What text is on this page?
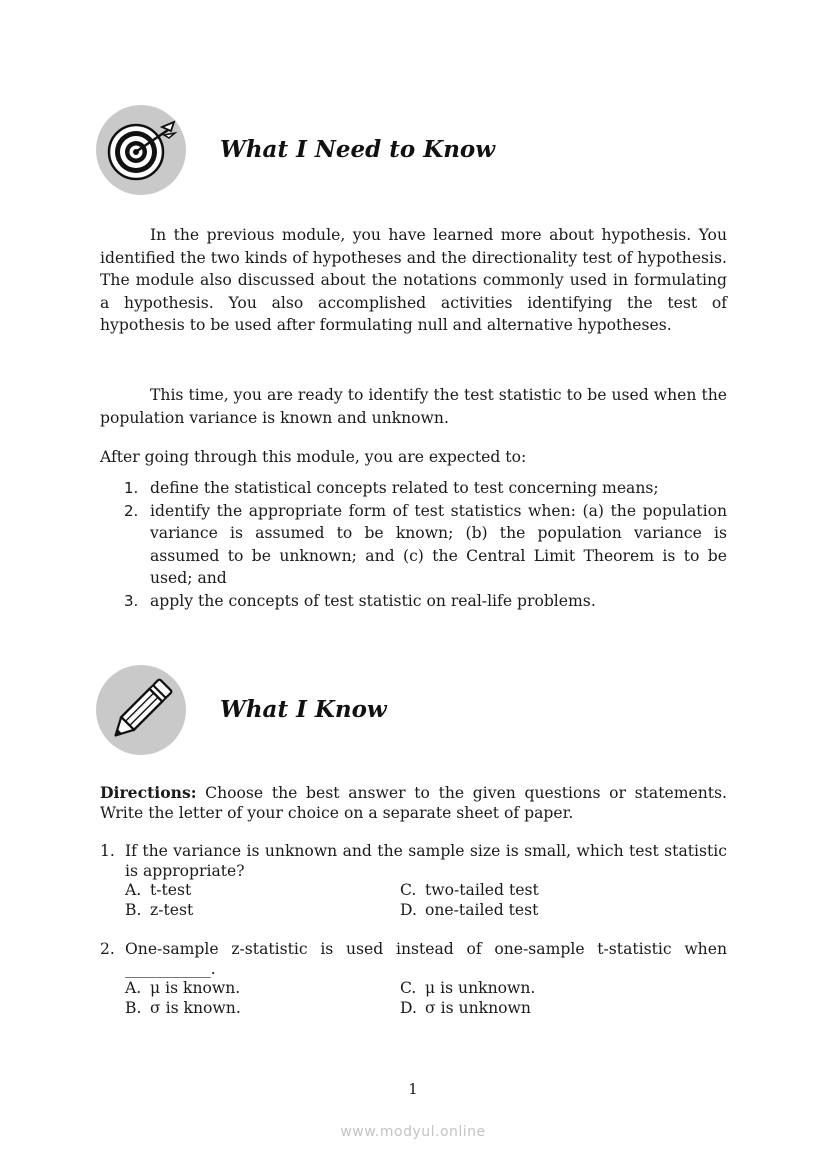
What I Need to Know

In the previous module, you have learned more about hypothesis. You identified the two kinds of hypotheses and the directionality test of hypothesis. The module also discussed about the notations commonly used in formulating a hypothesis. You also accomplished activities identifying the test of hypothesis to be used after formulating null and alternative hypotheses.

This time, you are ready to identify the test statistic to be used when the population variance is known and unknown.

After going through this module, you are expected to:

1. define the statistical concepts related to test concerning means;
2. identify the appropriate form of test statistics when: (a) the population variance is assumed to be known; (b) the population variance is assumed to be unknown; and (c) the Central Limit Theorem is to be used; and
3. apply the concepts of test statistic on real-life problems.
What I Know

Directions: Choose the best answer to the given questions or statements. Write the letter of your choice on a separate sheet of paper.

1. If the variance is unknown and the sample size is small, which test statistic is appropriate?

A. t-test
B. z-test
C. two-tailed test
D. one-tailed test
2. One-sample z-statistic is used instead of one-sample t-statistic when

___________.

A. μ is known.
B. σ is known.
C. μ is unknown.
D. σ is unknown

1

www.modyul.online
